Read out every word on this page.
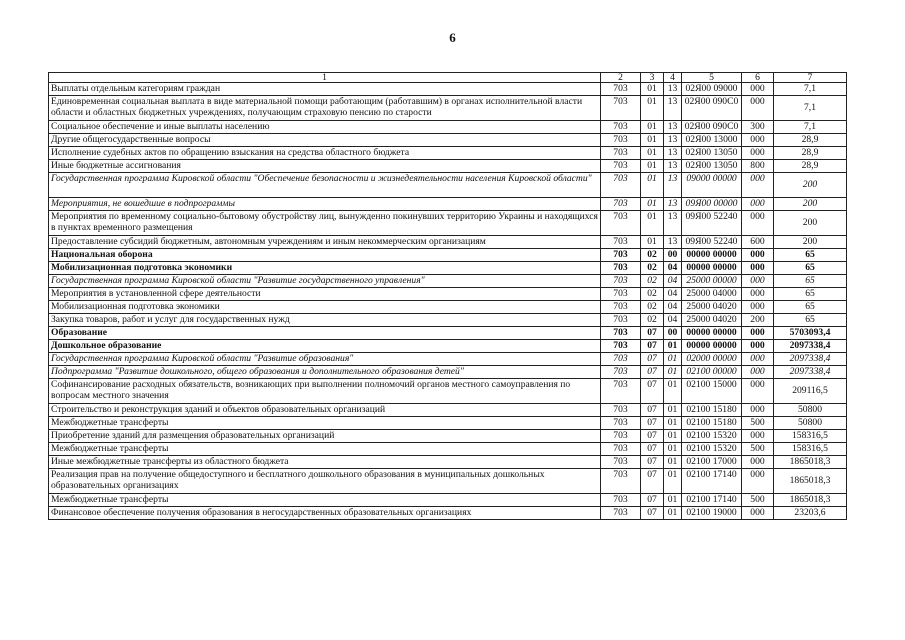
6
1	2	3	4	5	6	7
Выплаты отдельным категориям граждан	703	01	13	02Я00 09000	000	7,1
Единовременная социальная выплата в виде материальной помощи работающим (работавшим) в органах исполнительной власти области и областных бюджетных учреждениях, получающим страховую пенсию по старости	703	01	13	02Я00 090С0	000	7,1
Социальное обеспечение и иные выплаты населению	703	01	13	02Я00 090С0	300	7,1
Другие общегосударственные вопросы	703	01	13	02Я00 13000	000	28,9
Исполнение судебных актов по обращению взыскания на средства областного бюджета	703	01	13	02Я00 13050	000	28,9
Иные бюджетные ассигнования	703	01	13	02Я00 13050	800	28,9
Государственная программа Кировской области "Обеспечение безопасности и жизнедеятельности населения Кировской области"	703	01	13	09000 00000	000	200
Мероприятия, не вошедшие в подпрограммы	703	01	13	09Я00 00000	000	200
Мероприятия по временному социально-бытовому обустройству лиц, вынужденно покинувших территорию Украины и находящихся в пунктах временного размещения	703	01	13	09Я00 52240	000	200
Предоставление субсидий бюджетным, автономным учреждениям и иным некоммерческим организациям	703	01	13	09Я00 52240	600	200
Национальная оборона	703	02	00	00000 00000	000	65
Мобилизационная подготовка экономики	703	02	04	00000 00000	000	65
Государственная программа Кировской области "Развитие государственного управления"	703	02	04	25000 00000	000	65
Мероприятия в установленной сфере деятельности	703	02	04	25000 04000	000	65
Мобилизационная подготовка экономики	703	02	04	25000 04020	000	65
Закупка товаров, работ и услуг для государственных нужд	703	02	04	25000 04020	200	65
Образование	703	07	00	00000 00000	000	5703093,4
Дошкольное образование	703	07	01	00000 00000	000	2097338,4
Государственная программа Кировской области "Развитие образования"	703	07	01	02000 00000	000	2097338,4
Подпрограмма "Развитие дошкольного, общего образования и дополнительного образования детей"	703	07	01	02100 00000	000	2097338,4
Софинансирование расходных обязательств, возникающих при выполнении полномочий органов местного самоуправления по вопросам местного значения	703	07	01	02100 15000	000	209116,5
Строительство и реконструкция зданий и объектов образовательных организаций	703	07	01	02100 15180	000	50800
Межбюджетные трансферты	703	07	01	02100 15180	500	50800
Приобретение зданий для размещения образовательных организаций	703	07	01	02100 15320	000	158316,5
Межбюджетные трансферты	703	07	01	02100 15320	500	158316,5
Иные межбюджетные трансферты из областного бюджета	703	07	01	02100 17000	000	1865018,3
Реализация прав на получение общедоступного и бесплатного дошкольного образования в муниципальных дошкольных образовательных организациях	703	07	01	02100 17140	000	1865018,3
Межбюджетные трансферты	703	07	01	02100 17140	500	1865018,3
Финансовое обеспечение получения образования в негосударственных образовательных организациях	703	07	01	02100 19000	000	23203,6
